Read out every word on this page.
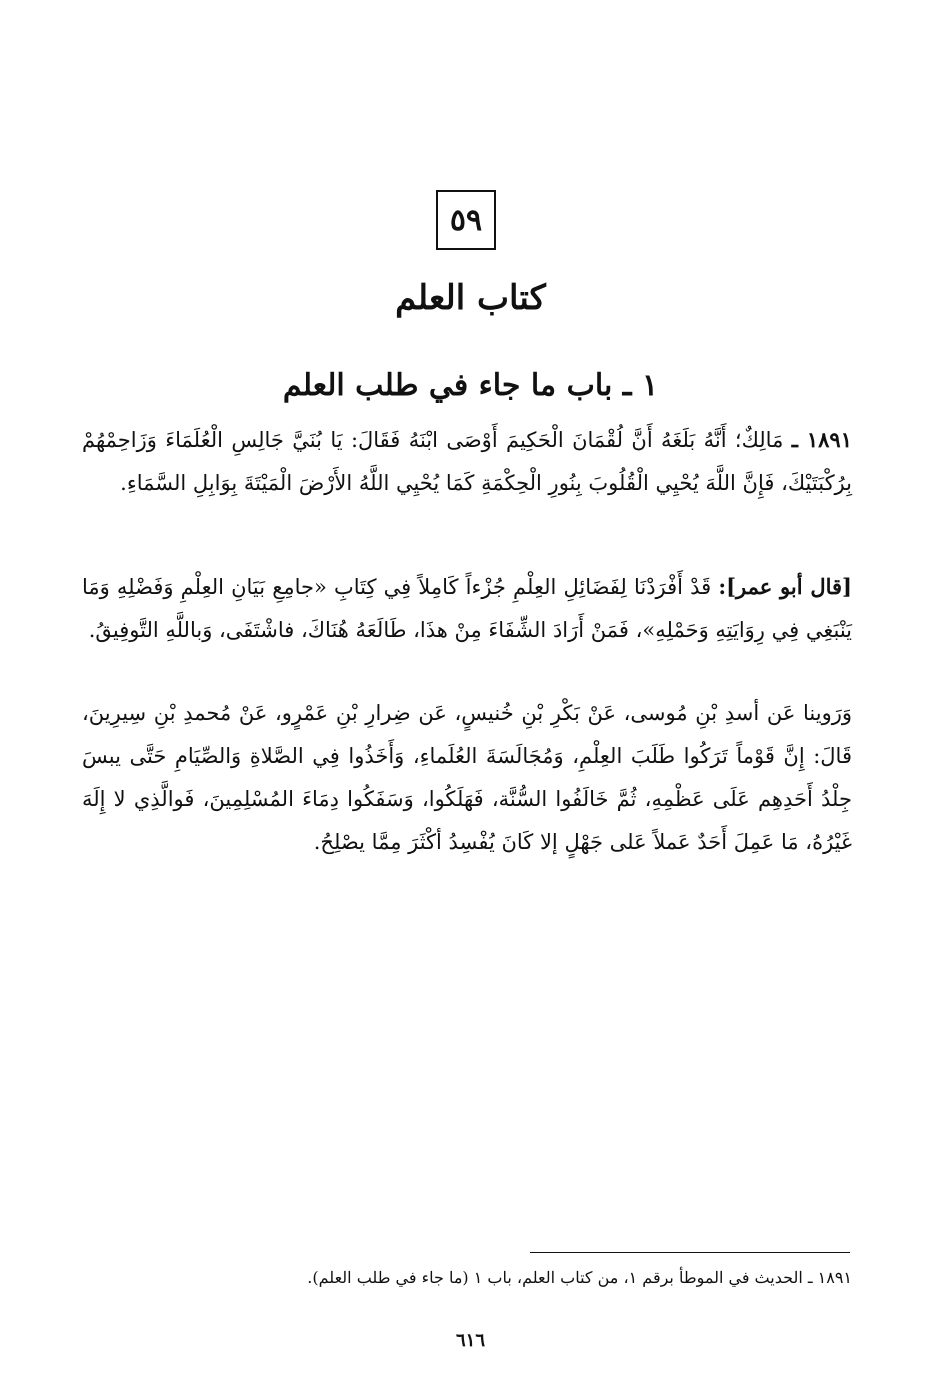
٥٩
كتاب العلم
١ ـ باب ما جاء في طلب العلم
١٨٩١ ـ مَالِكٌ؛ أَنَّهُ بَلَغَهُ أَنَّ لُقْمَانَ الْحَكِيمَ أَوْصَى ابْنَهُ فَقَالَ: يَا بُنَيَّ جَالِسِ الْعُلَمَاءَ وَزَاحِمْهُمْ بِرُكْبَتَيْكَ، فَإِنَّ اللَّهَ يُحْيِي الْقُلُوبَ بِنُورِ الْحِكْمَةِ كَمَا يُحْيِي اللَّهُ الأَرْضَ الْمَيْتَةَ بِوَابِلِ السَّمَاءِ.
[قال أبو عمر]: قَدْ أَفْرَدْنَا لِفَضَائِلِ العِلْمِ جُزْءاً كَامِلاً فِي كِتَابِ «جامِعِ بَيَانِ العِلْمِ وَفَضْلِهِ وَمَا يَنْبَغِي فِي رِوَايَتِهِ وَحَمْلِهِ»، فَمَنْ أَرَادَ الشِّفَاءَ مِنْ هذَا، طَالَعَهُ هُنَاكَ، فاشْتَفَى، وَباللَّهِ التَّوفِيقُ.
وَرَوينا عَن أسدِ بْنِ مُوسى، عَنْ بَكْرِ بْنِ خُنيسٍ، عَن ضِرارِ بْنِ عَمْرٍو، عَنْ مُحمدِ بْنِ سِيرِينَ، قَالَ: إِنَّ قَوْماً تَرَكُوا طَلَبَ العِلْمِ، وَمُجَالَسَةَ العُلَماءِ، وَأَخَذُوا فِي الصَّلاةِ وَالصِّيَامِ حَتَّى يبسَ جِلْدُ أَحَدِهِم عَلَى عَظْمِهِ، ثُمَّ خَالَفُوا السُّنَّة، فَهَلَكُوا، وَسَفَكُوا دِمَاءَ المُسْلِمِينَ، فَوالَّذِي لا إِلَهَ غَيْرُهُ، مَا عَمِلَ أَحَدٌ عَملاً عَلى جَهْلٍ إلا كَانَ يُفْسِدُ أكْثَرَ مِمَّا يصْلِحُ.
١٨٩١ ـ الحديث في الموطأ برقم ١، من كتاب العلم، باب ١ (ما جاء في طلب العلم).
٦١٦
